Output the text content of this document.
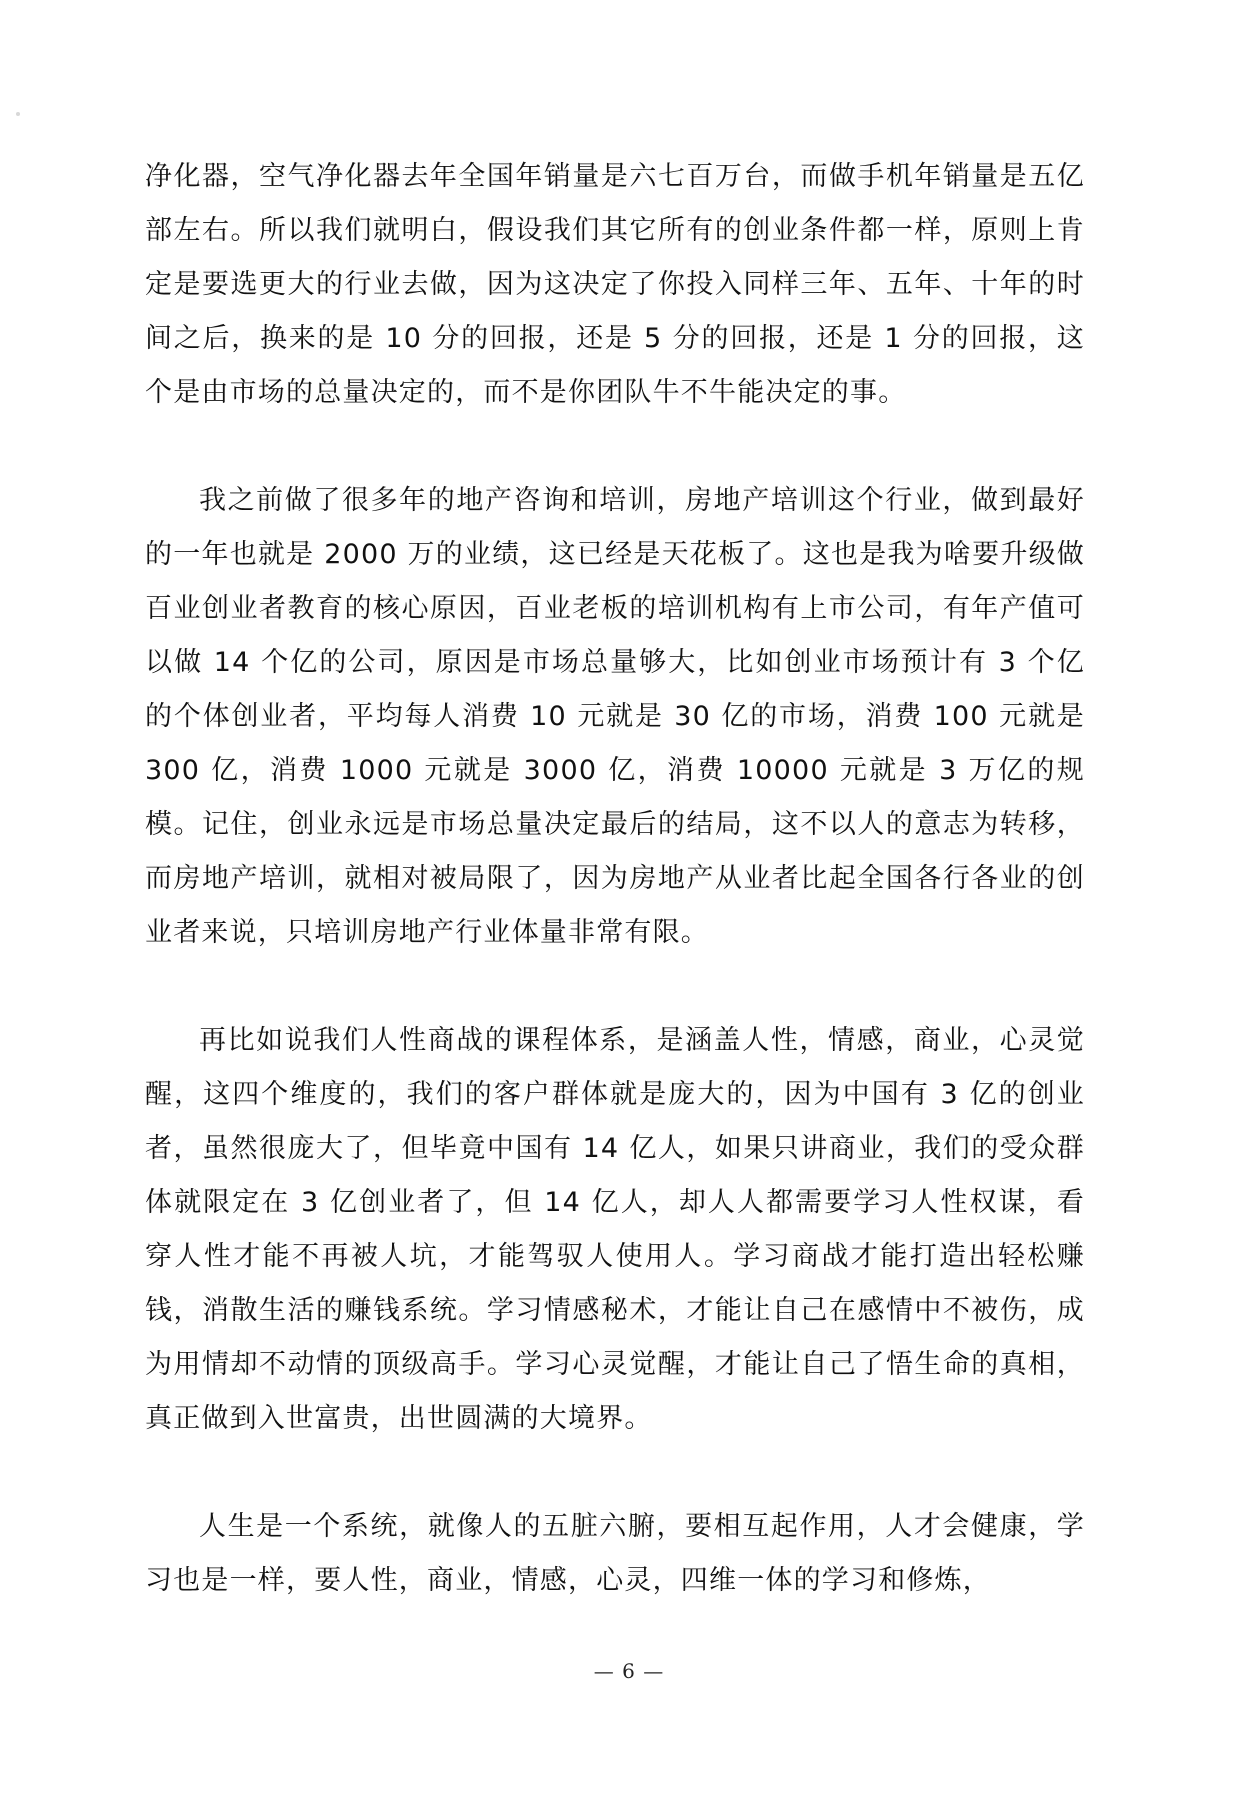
净化器，空气净化器去年全国年销量是六七百万台，而做手机年销量是五亿部左右。所以我们就明白，假设我们其它所有的创业条件都一样，原则上肯定是要选更大的行业去做，因为这决定了你投入同样三年、五年、十年的时间之后，换来的是 10 分的回报，还是 5 分的回报，还是 1 分的回报，这个是由市场的总量决定的，而不是你团队牛不牛能决定的事。

我之前做了很多年的地产咨询和培训，房地产培训这个行业，做到最好的一年也就是 2000 万的业绩，这已经是天花板了。这也是我为啥要升级做百业创业者教育的核心原因，百业老板的培训机构有上市公司，有年产值可以做 14 个亿的公司，原因是市场总量够大，比如创业市场预计有 3 个亿的个体创业者，平均每人消费 10 元就是 30 亿的市场，消费 100 元就是 300 亿，消费 1000 元就是 3000 亿，消费 10000 元就是 3 万亿的规模。记住，创业永远是市场总量决定最后的结局，这不以人的意志为转移，而房地产培训，就相对被局限了，因为房地产从业者比起全国各行各业的创业者来说，只培训房地产行业体量非常有限。

再比如说我们人性商战的课程体系，是涵盖人性，情感，商业，心灵觉醒，这四个维度的，我们的客户群体就是庞大的，因为中国有 3 亿的创业者，虽然很庞大了，但毕竟中国有 14 亿人，如果只讲商业，我们的受众群体就限定在 3 亿创业者了，但 14 亿人，却人人都需要学习人性权谋，看穿人性才能不再被人坑，才能驾驭人使用人。学习商战才能打造出轻松赚钱，消散生活的赚钱系统。学习情感秘术，才能让自己在感情中不被伤，成为用情却不动情的顶级高手。学习心灵觉醒，才能让自己了悟生命的真相，真正做到入世富贵，出世圆满的大境界。

人生是一个系统，就像人的五脏六腑，要相互起作用，人才会健康，学习也是一样，要人性，商业，情感，心灵，四维一体的学习和修炼，

— 6 —
